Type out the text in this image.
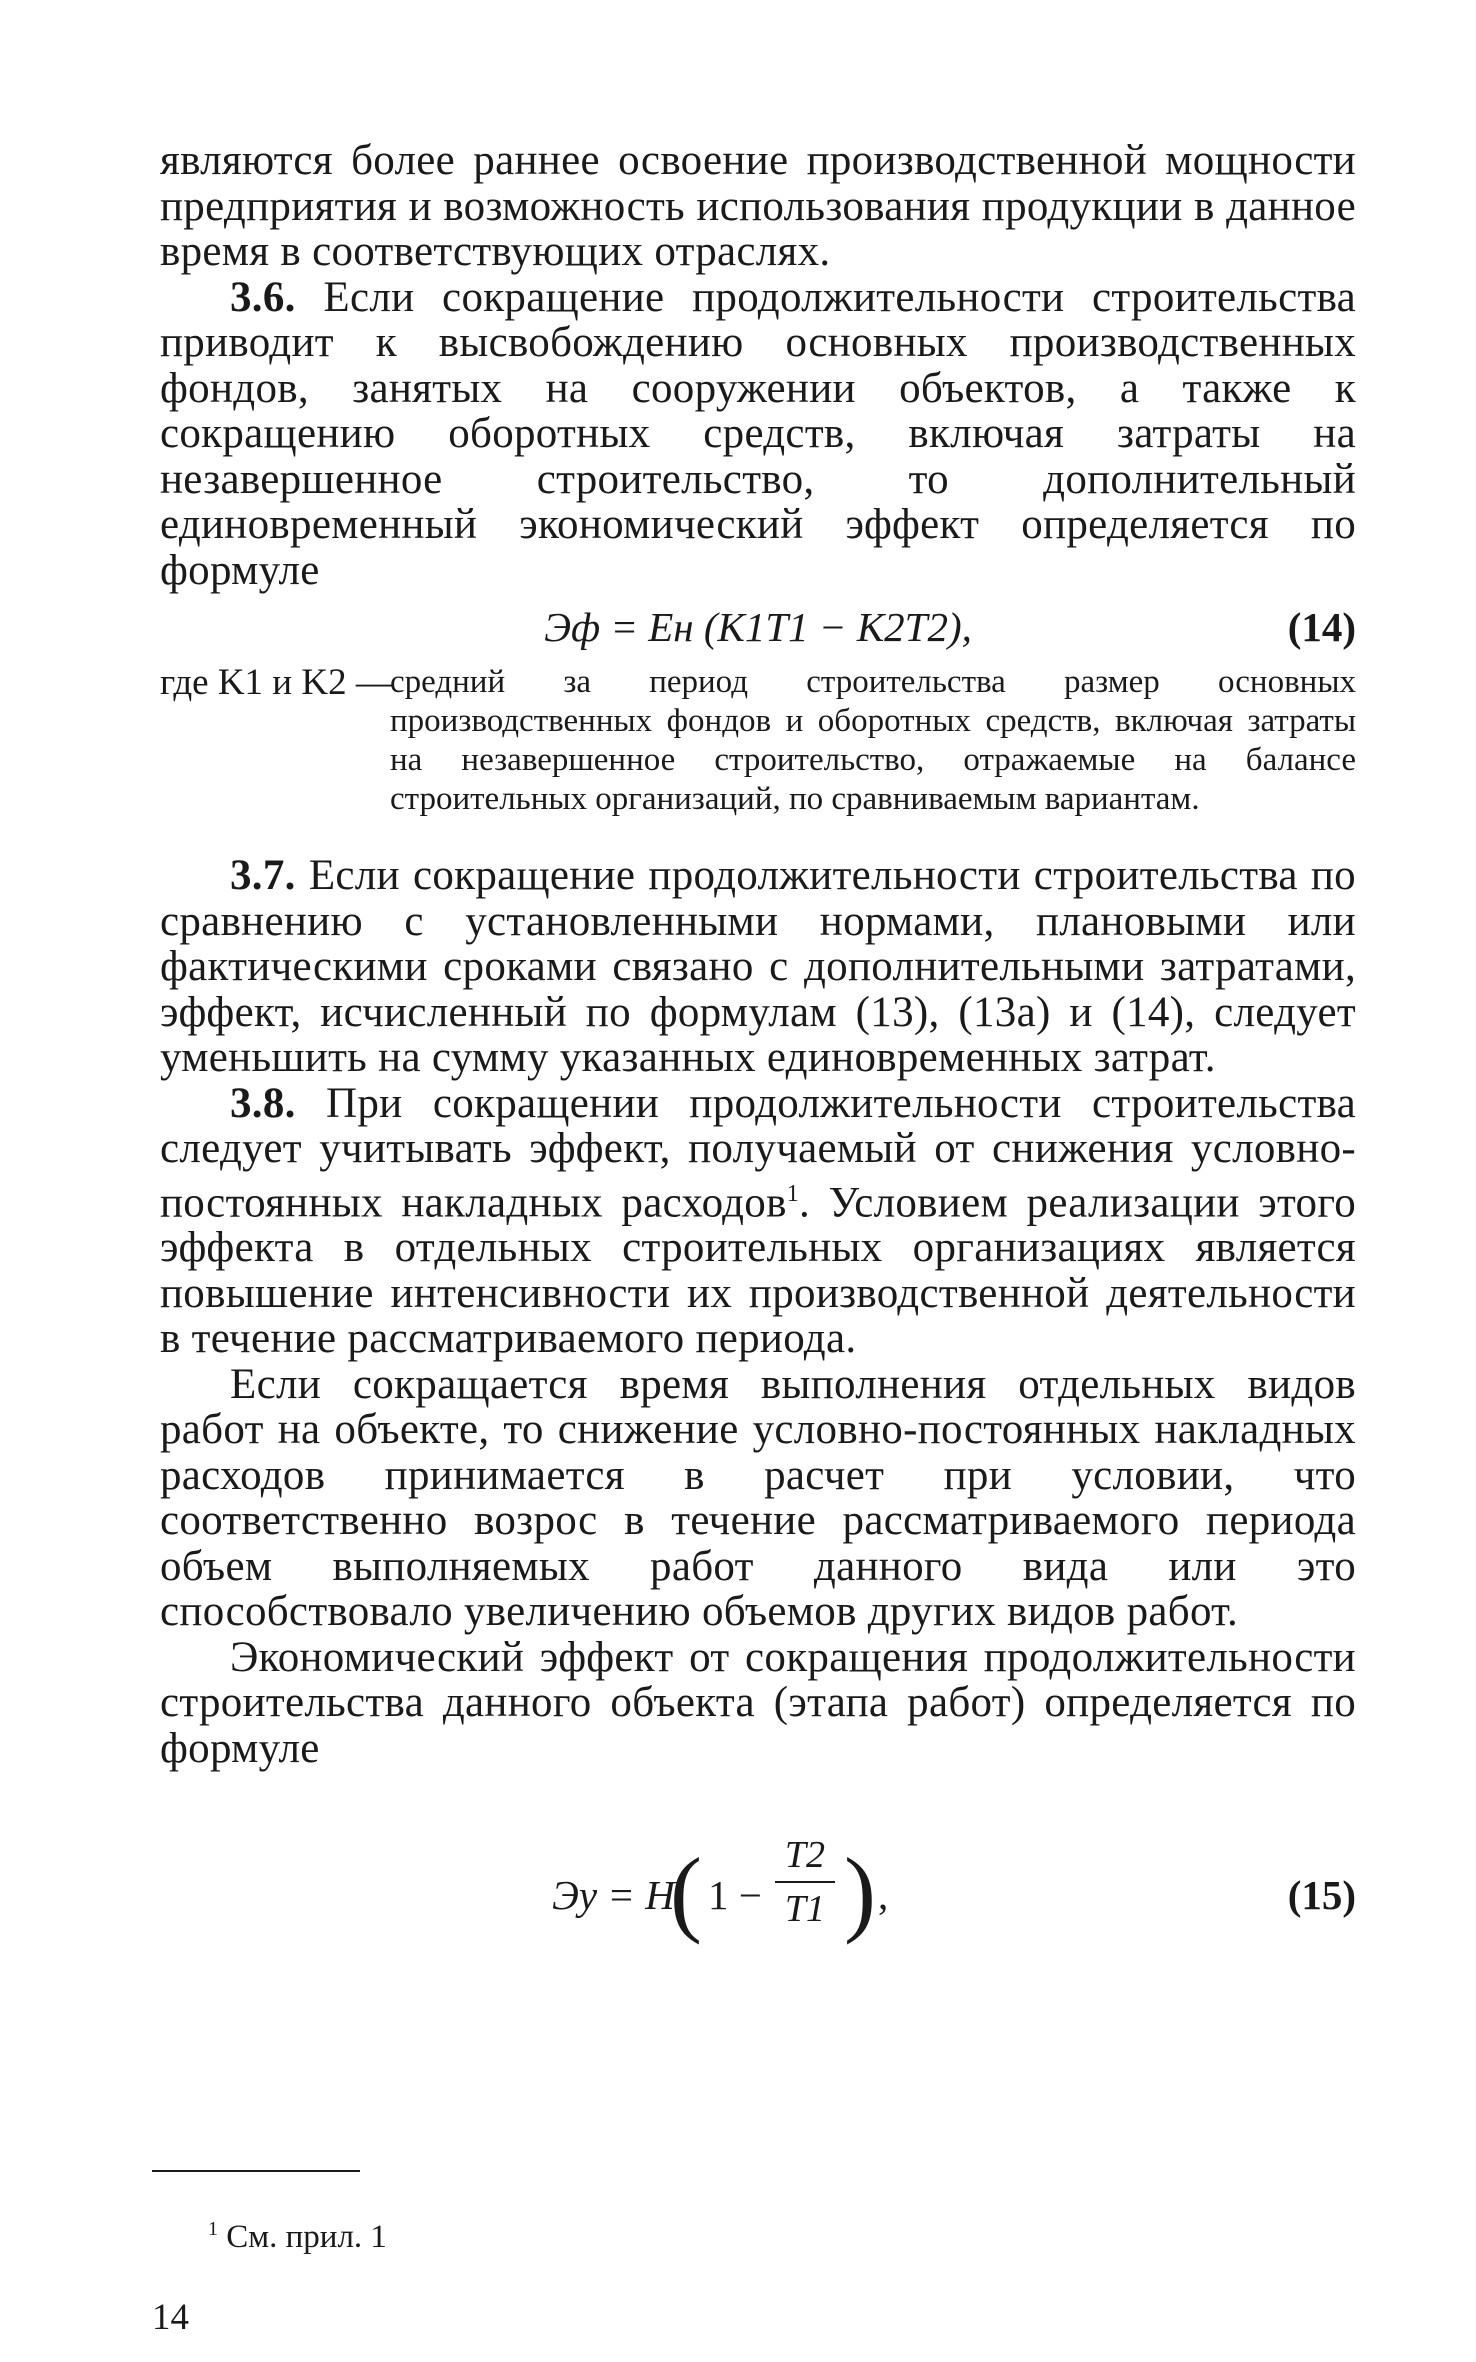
являются более раннее освоение производственной мощности предприятия и возможность использования продукции в данное время в соответствующих отраслях.

3.6. Если сокращение продолжительности строительства приводит к высвобождению основных производственных фондов, занятых на сооружении объектов, а также к сокращению оборотных средств, включая затраты на незавершенное строительство, то дополнительный единовременный экономический эффект определяется по формуле

Эф = Eн (K1T1 − K2T2),	(14)
где K1 и K2 —
средний за период строительства размер основных производственных фондов и оборотных средств, включая затраты на незавершенное строительство, отражаемые на балансе строительных организаций, по сравниваемым вариантам.

3.7. Если сокращение продолжительности строительства по сравнению с установленными нормами, плановыми или фактическими сроками связано с дополнительными затратами, эффект, исчисленный по формулам (13), (13а) и (14), следует уменьшить на сумму указанных единовременных затрат.

3.8. При сокращении продолжительности строительства следует учитывать эффект, получаемый от снижения условно-постоянных накладных расходов$^1$. Условием реализации этого эффекта в отдельных строительных организациях является повышение интенсивности их производственной деятельности в течение рассматриваемого периода.

Если сокращается время выполнения отдельных видов работ на объекте, то снижение условно-постоянных накладных расходов принимается в расчет при условии, что соответственно возрос в течение рассматриваемого периода объем выполняемых работ данного вида или это способствовало увеличению объемов других видов работ.

Экономический эффект от сокращения продолжительности строительства данного объекта (этапа работ) определяется по формуле

Эу = H
( 1 −
T2
T1 ) ,	(15)
$^1$ См. прил. 1
14
